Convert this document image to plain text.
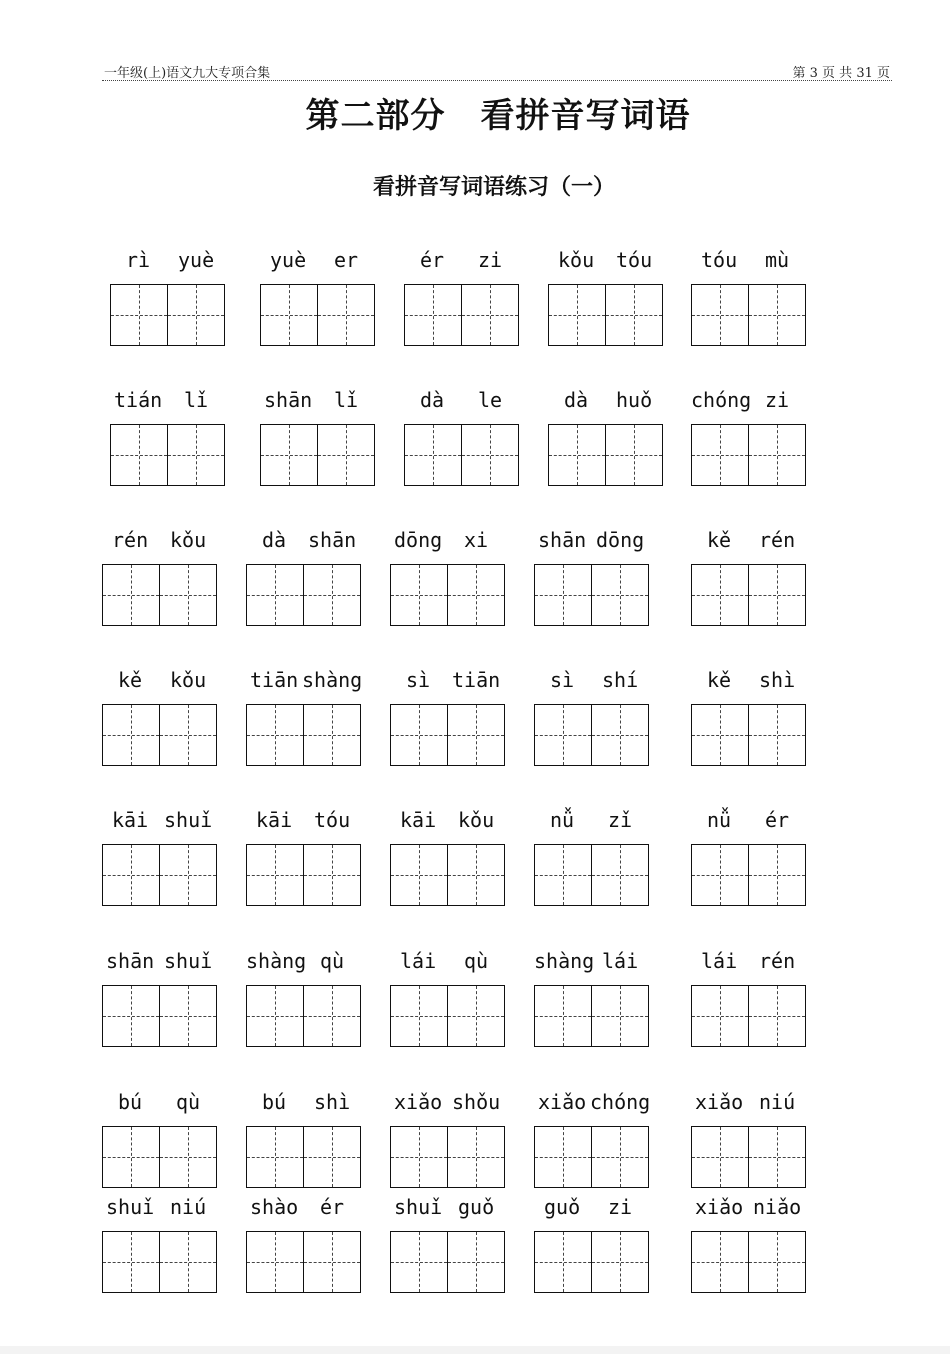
一年级(上)语文九大专项合集	第 3 页 共 31 页
第二部分　看拼音写词语
看拼音写词语练习（一）
rì yuè	yuè er	ér zi	kǒu tóu tóu mù
tián lǐ	shān lǐ	dà le	dà huǒ chóng zi
rén kǒu	dà shān dōng xi shān dōng	kě rén
kě kǒu tiān shàng sì tiān sì shí	kě shì
kāi shuǐ kāi tóu kāi kǒu	nǚ zǐ	nǚ ér
shān shuǐ shàng qù	lái qù shàng lái	lái rén
bú qù	bú shì xiǎo shǒu xiǎo chóng xiǎo niú
shuǐ niú shào ér shuǐ guǒ guǒ zi	xiǎo niǎo
